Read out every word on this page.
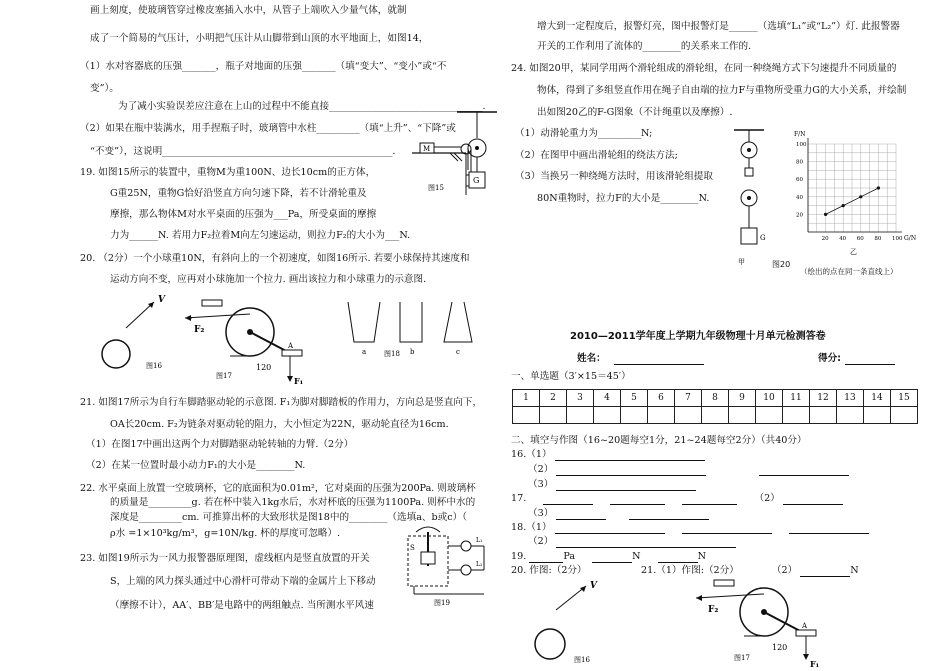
画上刻度，使玻璃管穿过橡皮塞插入水中，从管子上端吹入少量气体，就制
成了一个简易的气压计，小明把气压计从山脚带到山顶的水平地面上，如图14，
（1）水对容器底的压强_______，瓶子对地面的压强_______（填“变大”、“变小”或“不
变”）。
为了减小实验误差应注意在上山的过程中不能直接________________________________.
（2）如果在瓶中装满水，用手捏瓶子时，玻璃管中水柱_________（填“上升”、“下降”或
“不变”），这说明________________________________________________.
19. 如图15所示的装置中，重物M为重100N、边长10cm的正方体，
G重25N，重物G恰好沿竖直方向匀速下降，若不计滑轮重及
摩擦，那么物体M对水平桌面的压强为___Pa，所受桌面的摩擦
力为______N. 若用力F₂拉着M向左匀速运动，则拉力F₂的大小为___N.
20. （2分）一个小球重10N，有斜向上的一个初速度，如图16所示. 若要小球保持其速度和
运动方向不变，应再对小球施加一个拉力. 画出该拉力和小球重力的示意图.
21. 如图17所示为自行车脚踏驱动轮的示意图. F₁为脚对脚踏板的作用力，方向总是竖直向下，
OA长20cm. F₂为链条对驱动轮的阻力，大小恒定为22N，驱动轮直径为16cm.
（1）在图17中画出这两个力对脚踏驱动轮转轴的力臂.（2分）
（2）在某一位置时最小动力F₁的大小是________N.
22. 水平桌面上放置一空玻璃杯，它的底面积为0.01m²，它对桌面的压强为200Pa. 则玻璃杯
的质量是_________g. 若在杯中装入1kg水后，水对杯底的压强为1100Pa. 则杯中水的
深度是_________cm. 可推算出杯的大致形状是图18中的________（选填a、b或c）（
ρ水 =1×10³kg/m³，g=10N/kg. 杯的厚度可忽略）.
23. 如图19所示为一风力报警器原理图，虚线框内是竖直放置的开关
S，上端的风力探头通过中心滑杆可带动下端的金属片上下移动
（摩擦不计），AA′、BB′是电路中的两组触点. 当所测水平风速
M
图15
G
V
图16
F₂
A
F₁
120
图17
a	b	c
图18
S
L₁
L₂
图19
增大到一定程度后，报警灯亮，图中报警灯是______（选填“L₁”或“L₂”）灯. 此报警器
开关的工作利用了流体的________的关系来工作的.
24. 如图20甲，某同学用两个滑轮组成的滑轮组，在同一种绕绳方式下匀速提升不同质量的
物体，得到了多组竖直作用在绳子自由端的拉力F与重物所受重力G的大小关系，并绘制
出如图20乙的F-G图象（不计绳重以及摩擦）.
（1）动滑轮重力为_________N;
（2）在图甲中画出滑轮组的绕法方法;
（3）当换另一种绕绳方法时，用该滑轮组提取
80N重物时，拉力F的大小是________N.
G
甲	图20
20 40 60 80 100
20
40
60
80
100
F/N
G/N
乙
（绘出的点在同一条直线上）
2010—2011学年度上学期九年级物理十月单元检测答卷
姓名：	得分:
一、单选题（3′×15＝45′）
1	2	3	4	5	6	7	8	9	10	11	12	13	14	15

二、填空与作图（16~20题每空1分，21~24题每空2分）（共40分）
16.（1）
（2）
（3）
17.	（2）
（3）
18.（1）
（2）
19.	Pa	N	N
20. 作图:（2分）	21.（1）作图:（2分）	（2）	N
V
图16
F₂
A
F₁
120
图17
